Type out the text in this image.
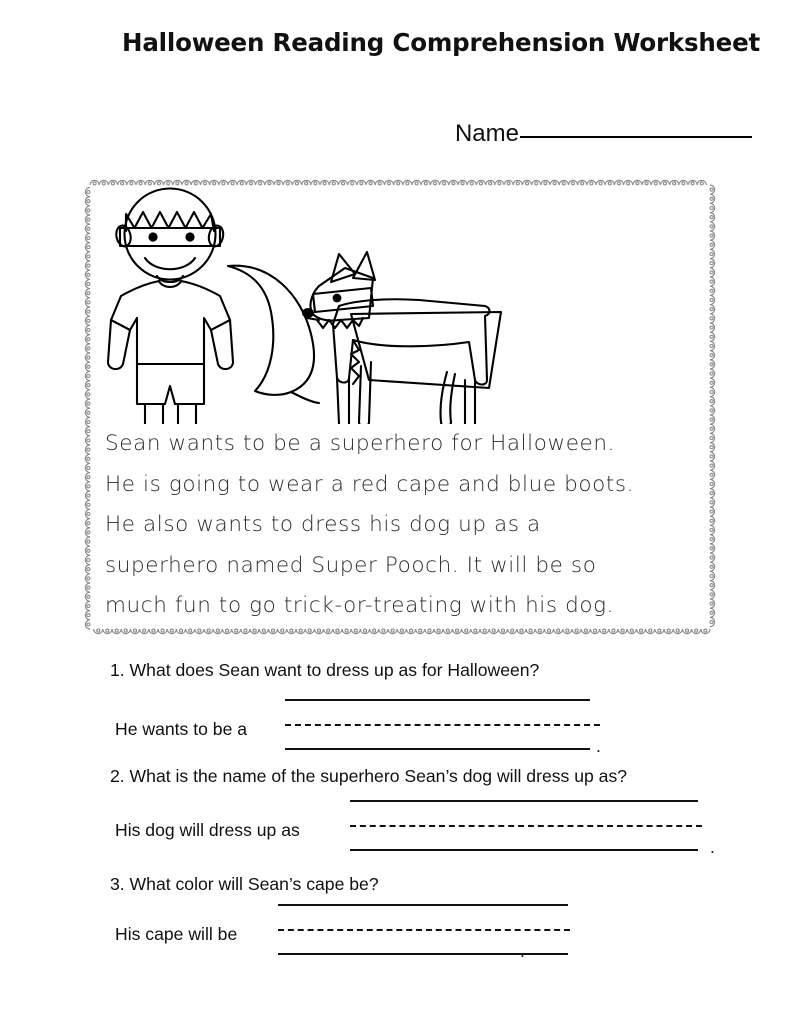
Halloween Reading Comprehension Worksheet
Name
Sean wants to be a superhero for Halloween.
He is going to wear a red cape and blue boots.
He also wants to dress his dog up as a
superhero named Super Pooch. It will be so
much fun to go trick-or-treating with his dog.
1. What does Sean want to dress up as for Halloween?
He wants to be a
.
2. What is the name of the superhero Sean’s dog will dress up as?
His dog will dress up as
.
3. What color will Sean’s cape be?
His cape will be
.
